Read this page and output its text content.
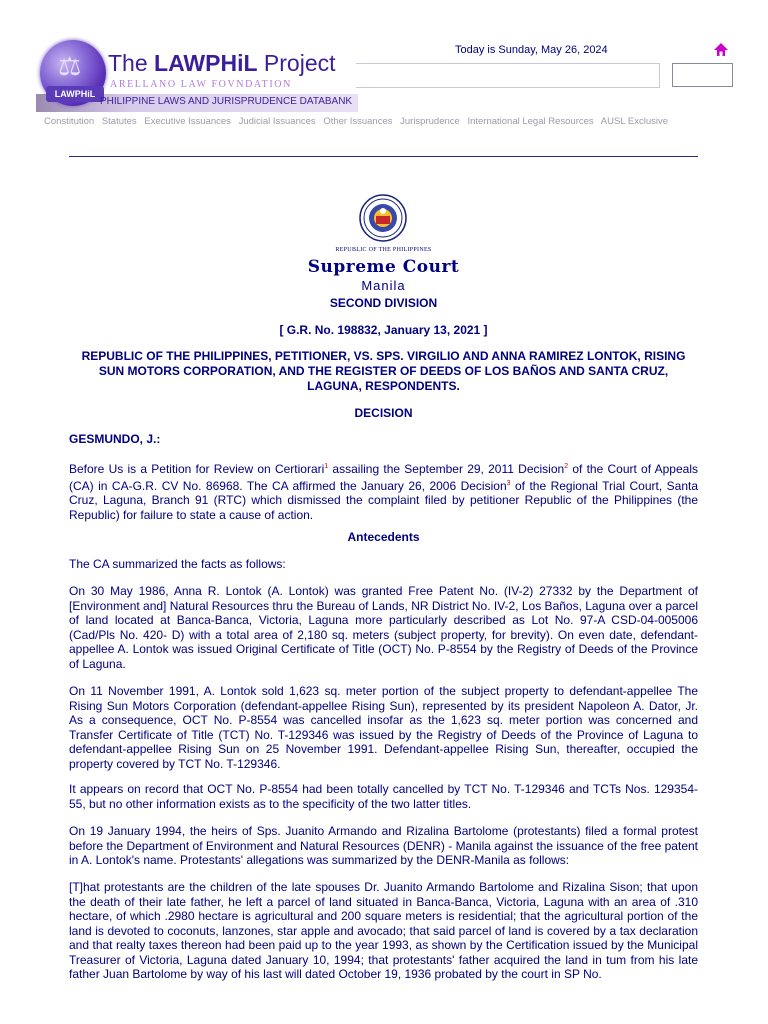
⚖
LAWPHiL
The LAWPHiL Project
ARELLANO LAW FOVNDATION
PHILIPPINE LAWS AND JURISPRUDENCE DATABANK
Today is Sunday, May 26, 2024
Constitution Statutes Executive Issuances Judicial Issuances Other Issuances Jurisprudence International Legal Resources AUSL Exclusive
REPUBLIC OF THE PHILIPPINES
Supreme Court
Manila
SECOND DIVISION
[ G.R. No. 198832, January 13, 2021 ]
REPUBLIC OF THE PHILIPPINES, PETITIONER, VS. SPS. VIRGILIO AND ANNA RAMIREZ LONTOK, RISING SUN MOTORS CORPORATION, AND THE REGISTER OF DEEDS OF LOS BAÑOS AND SANTA CRUZ, LAGUNA, RESPONDENTS.
DECISION
GESMUNDO, J.:
Before Us is a Petition for Review on Certiorari$^1$ assailing the September 29, 2011 Decision$^2$ of the Court of Appeals (CA) in CA-G.R. CV No. 86968. The CA affirmed the January 26, 2006 Decision$^3$ of the Regional Trial Court, Santa Cruz, Laguna, Branch 91 (RTC) which dismissed the complaint filed by petitioner Republic of the Philippines (the Republic) for failure to state a cause of action.
Antecedents
The CA summarized the facts as follows:
On 30 May 1986, Anna R. Lontok (A. Lontok) was granted Free Patent No. (IV-2) 27332 by the Department of [Environment and] Natural Resources thru the Bureau of Lands, NR District No. IV-2, Los Baños, Laguna over a parcel of land located at Banca-Banca, Victoria, Laguna more particularly described as Lot No. 97-A CSD-04-005006 (Cad/Pls No. 420- D) with a total area of 2,180 sq. meters (subject property, for brevity). On even date, defendant-appellee A. Lontok was issued Original Certificate of Title (OCT) No. P-8554 by the Registry of Deeds of the Province of Laguna.
On 11 November 1991, A. Lontok sold 1,623 sq. meter portion of the subject property to defendant-appellee The Rising Sun Motors Corporation (defendant-appellee Rising Sun), represented by its president Napoleon A. Dator, Jr. As a consequence, OCT No. P-8554 was cancelled insofar as the 1,623 sq. meter portion was concerned and Transfer Certificate of Title (TCT) No. T-129346 was issued by the Registry of Deeds of the Province of Laguna to defendant-appellee Rising Sun on 25 November 1991. Defendant-appellee Rising Sun, thereafter, occupied the property covered by TCT No. T-129346.
It appears on record that OCT No. P-8554 had been totally cancelled by TCT No. T-129346 and TCTs Nos. 129354-55, but no other information exists as to the specificity of the two latter titles.
On 19 January 1994, the heirs of Sps. Juanito Armando and Rizalina Bartolome (protestants) filed a formal protest before the Department of Environment and Natural Resources (DENR) - Manila against the issuance of the free patent in A. Lontok's name. Protestants' allegations was summarized by the DENR-Manila as follows:
[T]hat protestants are the children of the late spouses Dr. Juanito Armando Bartolome and Rizalina Sison; that upon the death of their late father, he left a parcel of land situated in Banca-Banca, Victoria, Laguna with an area of .310 hectare, of which .2980 hectare is agricultural and 200 square meters is residential; that the agricultural portion of the land is devoted to coconuts, lanzones, star apple and avocado; that said parcel of land is covered by a tax declaration and that realty taxes thereon had been paid up to the year 1993, as shown by the Certification issued by the Municipal Treasurer of Victoria, Laguna dated January 10, 1994; that protestants' father acquired the land in tum from his late father Juan Bartolome by way of his last will dated October 19, 1936 probated by the court in SP No.
